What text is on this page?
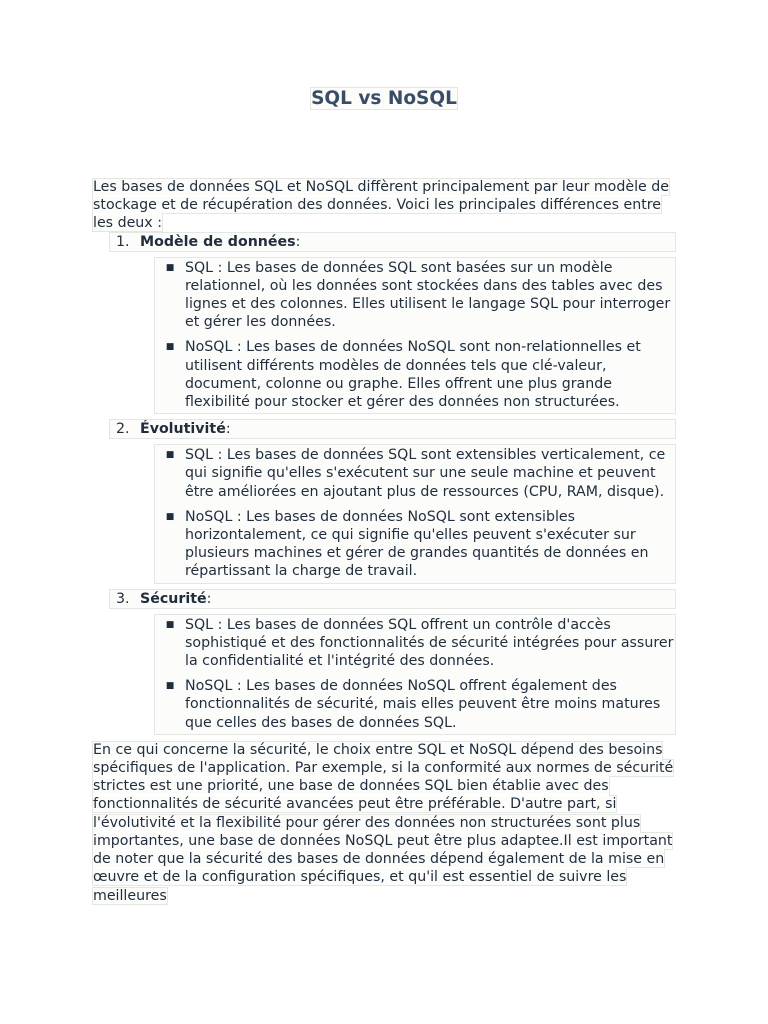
SQL vs NoSQL

Les bases de données SQL et NoSQL diffèrent principalement par leur modèle de stockage et de récupération des données. Voici les principales différences entre les deux :

1. Modèle de données :
■ SQL : Les bases de données SQL sont basées sur un modèle relationnel, où les données sont stockées dans des tables avec des lignes et des colonnes. Elles utilisent le langage SQL pour interroger et gérer les données.
■ NoSQL : Les bases de données NoSQL sont non-relationnelles et utilisent différents modèles de données tels que clé-valeur, document, colonne ou graphe. Elles offrent une plus grande flexibilité pour stocker et gérer des données non structurées.
2. Évolutivité :
■ SQL : Les bases de données SQL sont extensibles verticalement, ce qui signifie qu'elles s'exécutent sur une seule machine et peuvent être améliorées en ajoutant plus de ressources (CPU, RAM, disque).
■ NoSQL : Les bases de données NoSQL sont extensibles horizontalement, ce qui signifie qu'elles peuvent s'exécuter sur plusieurs machines et gérer de grandes quantités de données en répartissant la charge de travail.
3. Sécurité :
■ SQL : Les bases de données SQL offrent un contrôle d'accès sophistiqué et des fonctionnalités de sécurité intégrées pour assurer la confidentialité et l'intégrité des données.
■ NoSQL : Les bases de données NoSQL offrent également des fonctionnalités de sécurité, mais elles peuvent être moins matures que celles des bases de données SQL.

En ce qui concerne la sécurité, le choix entre SQL et NoSQL dépend des besoins spécifiques de l'application. Par exemple, si la conformité aux normes de sécurité strictes est une priorité, une base de données SQL bien établie avec des fonctionnalités de sécurité avancées peut être préférable. D'autre part, si l'évolutivité et la flexibilité pour gérer des données non structurées sont plus importantes, une base de données NoSQL peut être plus adaptee.Il est important de noter que la sécurité des bases de données dépend également de la mise en œuvre et de la configuration spécifiques, et qu'il est essentiel de suivre les meilleures
